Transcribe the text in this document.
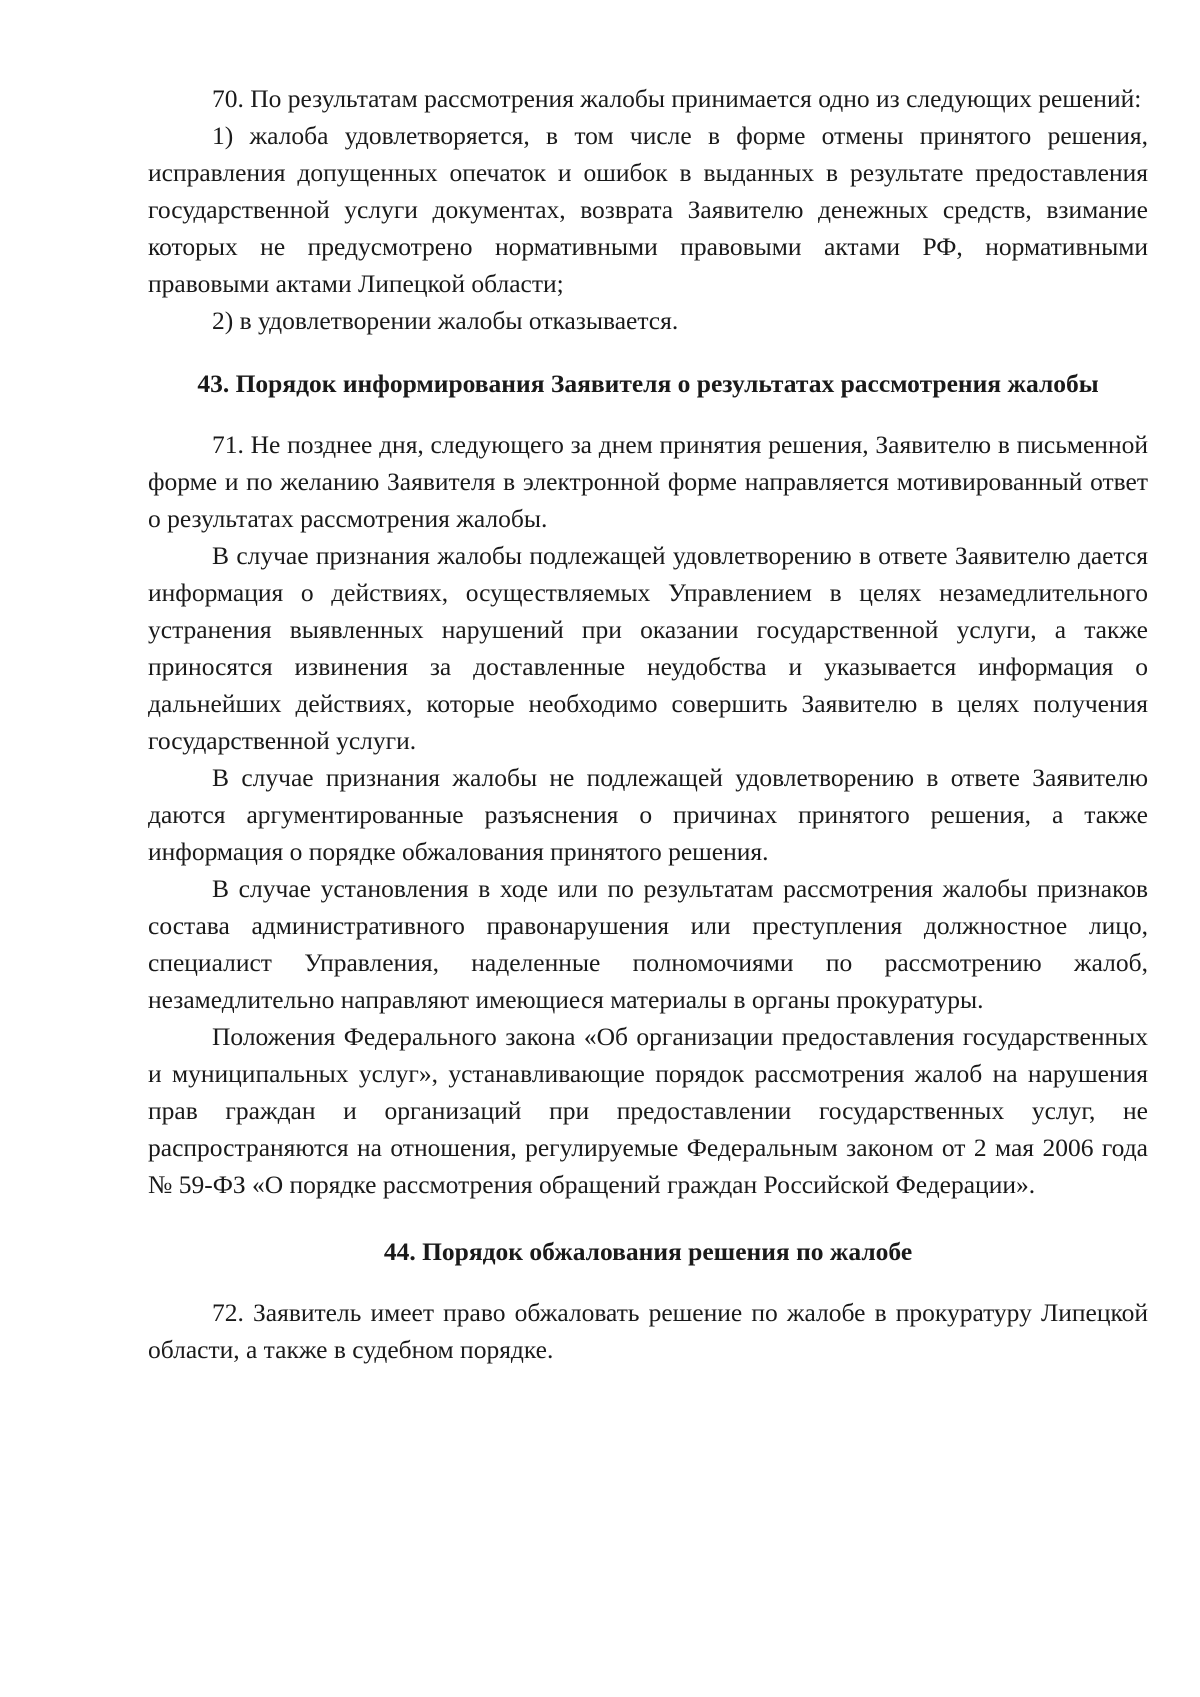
70. По результатам рассмотрения жалобы принимается одно из следующих решений:

1) жалоба удовлетворяется, в том числе в форме отмены принятого решения, исправления допущенных опечаток и ошибок в выданных в результате предоставления государственной услуги документах, возврата Заявителю денежных средств, взимание которых не предусмотрено нормативными правовыми актами РФ, нормативными правовыми актами Липецкой области;

2) в удовлетворении жалобы отказывается.

43. Порядок информирования Заявителя о результатах рассмотрения жалобы

71. Не позднее дня, следующего за днем принятия решения, Заявителю в письменной форме и по желанию Заявителя в электронной форме направляется мотивированный ответ о результатах рассмотрения жалобы.

В случае признания жалобы подлежащей удовлетворению в ответе Заявителю дается информация о действиях, осуществляемых Управлением в целях незамедлительного устранения выявленных нарушений при оказании государственной услуги, а также приносятся извинения за доставленные неудобства и указывается информация о дальнейших действиях, которые необходимо совершить Заявителю в целях получения государственной услуги.

В случае признания жалобы не подлежащей удовлетворению в ответе Заявителю даются аргументированные разъяснения о причинах принятого решения, а также информация о порядке обжалования принятого решения.

В случае установления в ходе или по результатам рассмотрения жалобы признаков состава административного правонарушения или преступления должностное лицо, специалист Управления, наделенные полномочиями по рассмотрению жалоб, незамедлительно направляют имеющиеся материалы в органы прокуратуры.

Положения Федерального закона «Об организации предоставления государственных и муниципальных услуг», устанавливающие порядок рассмотрения жалоб на нарушения прав граждан и организаций при предоставлении государственных услуг, не распространяются на отношения, регулируемые Федеральным законом от 2 мая 2006 года № 59-ФЗ «О порядке рассмотрения обращений граждан Российской Федерации».

44. Порядок обжалования решения по жалобе

72. Заявитель имеет право обжаловать решение по жалобе в прокуратуру Липецкой области, а также в судебном порядке.
